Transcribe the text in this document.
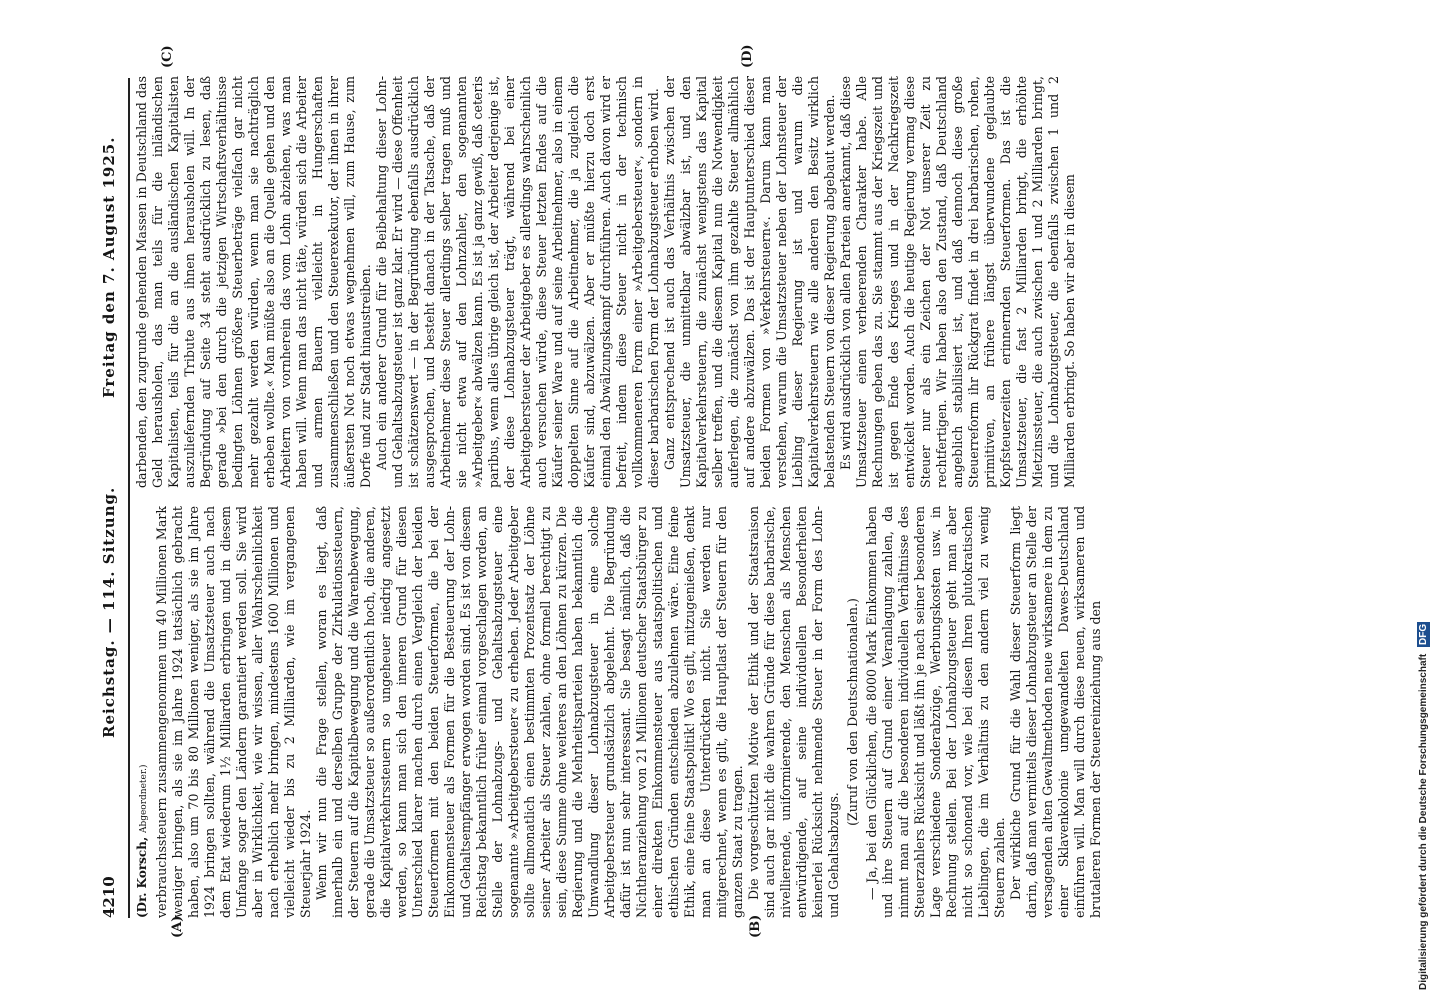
4210
Reichstag. — 114. Sitzung.
Freitag den 7. August 1925.
(A)	(B)
(C)	(D)
(Dr. Korsch, Abgeordneter.) verbrauchssteuern zusammengenommen um 40 Millionen Mark weniger bringen, als sie im Jahre 1924 tatsächlich gebracht haben, also um 70 bis 80 Millionen weniger, als sie im Jahre 1924 bringen sollten, während die Umsatzsteuer auch nach dem Etat wiederum 1½ Milliarden erbringen und in diesem Umfange sogar den Ländern garantiert werden soll. Sie wird aber in Wirklichkeit, wie wir wissen, aller Wahrscheinlichkeit nach erheblich mehr bringen, mindestens 1600 Millionen und vielleicht wieder bis zu 2 Milliarden, wie im vergangenen Steuerjahr 1924. Wenn wir nun die Frage stellen, woran es liegt, daß innerhalb ein und derselben Gruppe der Zirkulationssteuern, der Steuern auf die Kapitalbewegung und die Warenbewegung, gerade die Umsatzsteuer so außerordentlich hoch, die anderen, die Kapitalverkehrssteuern so ungeheuer niedrig angesetzt werden, so kann man sich den inneren Grund für diesen Unterschied klarer machen durch einen Vergleich der beiden Steuerformen mit den beiden Steuerformen, die bei der Einkommensteuer als Formen für die Besteuerung der Lohn- und Gehaltsempfänger erwogen worden sind. Es ist von diesem Reichstag bekanntlich früher einmal vorgeschlagen worden, an Stelle der Lohnabzugs- und Gehaltsabzugsteuer eine sogenannte »Arbeitgebersteuer« zu erheben. Jeder Arbeitgeber sollte allmonatlich einen bestimmten Prozentsatz der Löhne seiner Arbeiter als Steuer zahlen, ohne formell berechtigt zu sein, diese Summe ohne weiteres an den Löhnen zu kürzen. Die Regierung und die Mehrheitsparteien haben bekanntlich die Umwandlung dieser Lohnabzugsteuer in eine solche Arbeitgebersteuer grundsätzlich abgelehnt. Die Begründung dafür ist nun sehr interessant. Sie besagt nämlich, daß die Nichtheranziehung von 21 Millionen deutscher Staatsbürger zu einer direkten Einkommensteuer aus staatspolitischen und ethischen Gründen entschieden abzulehnen wäre. Eine feine Ethik, eine feine Staatspolitik! Wo es gilt, mitzugenießen, denkt man an diese Unterdrückten nicht. Sie werden nur mitgerechnet, wenn es gilt, die Hauptlast der Steuern für den ganzen Staat zu tragen. Die vorgeschützten Motive der Ethik und der Staatsraison sind auch gar nicht die wahren Gründe für diese barbarische, nivellierende, uniformierende, den Menschen als Menschen entwürdigende, auf seine individuellen Besonderheiten keinerlei Rücksicht nehmende Steuer in der Form des Lohn- und Gehaltsabzugs.

(Zuruf von den Deutschnationalen.) — Ja, bei den Glücklichen, die 8000 Mark Einkommen haben und ihre Steuern auf Grund einer Veranlagung zahlen, da nimmt man auf die besonderen individuellen Verhältnisse des Steuerzahlers Rücksicht und läßt ihn je nach seiner besonderen Lage verschiedene Sonderabzüge, Werbungskosten usw. in Rechnung stellen. Bei der Lohnabzugsteuer geht man aber nicht so schonend vor, wie bei diesen Ihren plutokratischen Lieblingen, die im Verhältnis zu den andern viel zu wenig Steuern zahlen. Der wirkliche Grund für die Wahl dieser Steuerform liegt darin, daß man vermittels dieser Lohnabzugsteuer an Stelle der versagenden alten Gewaltmethoden neue wirksamere in dem zu einer Sklavenkolonie umgewandelten Dawes-Deutschland einführen will. Man will durch diese neuen, wirksameren und brutaleren Formen der Steuereinziehung aus den

darbenden, den zugrunde gehenden Massen in Deutschland das Geld herausholen, das man teils für die inländischen Kapitalisten, teils für die an die ausländischen Kapitalisten auszuliefernden Tribute aus ihnen herausholen will. In der Begründung auf Seite 34 steht ausdrücklich zu lesen, daß gerade »bei den durch die jetzigen Wirtschaftsverhältnisse bedingten Löhnen größere Steuerbeträge vielfach gar nicht mehr gezahlt werden würden, wenn man sie nachträglich erheben wollte.« Man müßte also an die Quelle gehen und den Arbeitern von vornherein das vom Lohn abziehen, was man haben will. Wenn man das nicht täte, würden sich die Arbeiter und armen Bauern vielleicht in Hungerschaften zusammenschließen und den Steuerexekutor, der ihnen in ihrer äußersten Not noch etwas wegnehmen will, zum Hause, zum Dorfe und zur Stadt hinaustreiben. Auch ein anderer Grund für die Beibehaltung dieser Lohn- und Gehaltsabzugsteuer ist ganz klar. Er wird — diese Offenheit ist schätzenswert — in der Begründung ebenfalls ausdrücklich ausgesprochen, und besteht danach in der Tatsache, daß der Arbeitnehmer diese Steuer allerdings selber tragen muß und sie nicht etwa auf den Lohnzahler, den sogenannten »Arbeitgeber« abwälzen kann. Es ist ja ganz gewiß, daß ceteris paribus, wenn alles übrige gleich ist, der Arbeiter derjenige ist, der diese Lohnabzugsteuer trägt, während bei einer Arbeitgebersteuer der Arbeitgeber es allerdings wahrscheinlich auch versuchen würde, diese Steuer letzten Endes auf die Käufer seiner Ware und auf seine Arbeitnehmer, also in einem doppelten Sinne auf die Arbeitnehmer, die ja zugleich die Käufer sind, abzuwälzen. Aber er müßte hierzu doch erst einmal den Abwälzungskampf durchführen. Auch davon wird er befreit, indem diese Steuer nicht in der technisch vollkommeneren Form einer »Arbeitgebersteuer«, sondern in dieser barbarischen Form der Lohnabzugsteuer erhoben wird. Ganz entsprechend ist auch das Verhältnis zwischen der Umsatzsteuer, die unmittelbar abwälzbar ist, und den Kapitalverkehrsteuern, die zunächst wenigstens das Kapital selber treffen, und die diesem Kapital nun die Notwendigkeit auferlegen, die zunächst von ihm gezahlte Steuer allmählich auf andere abzuwälzen. Das ist der Hauptunterschied dieser beiden Formen von »Verkehrsteuern«. Darum kann man verstehen, warum die Umsatzsteuer neben der Lohnsteuer der Liebling dieser Regierung ist und warum die Kapitalverkehrsteuern wie alle anderen den Besitz wirklich belastenden Steuern von dieser Regierung abgebaut werden. Es wird ausdrücklich von allen Parteien anerkannt, daß diese Umsatzsteuer einen verheerenden Charakter habe. Alle Rechnungen geben das zu. Sie stammt aus der Kriegszeit und ist gegen Ende des Krieges und in der Nachkriegszeit entwickelt worden. Auch die heutige Regierung vermag diese Steuer nur als ein Zeichen der Not unserer Zeit zu rechtfertigen. Wir haben also den Zustand, daß Deutschland angeblich stabilisiert ist, und daß dennoch diese große Steuerreform ihr Rückgrat findet in drei barbarischen, rohen, primitiven, an frühere längst überwundene geglaubte Kopfsteuerzeiten erinnernden Steuerformen. Das ist die Umsatzsteuer, die fast 2 Milliarden bringt, die erhöhte Mietzinssteuer, die auch zwischen 1 und 2 Milliarden bringt, und die Lohnabzugsteuer, die ebenfalls zwischen 1 und 2 Milliarden erbringt. So haben wir aber in diesem

Digitalisierung gefördert durch die Deutsche Forschungsgemeinschaft DFG
